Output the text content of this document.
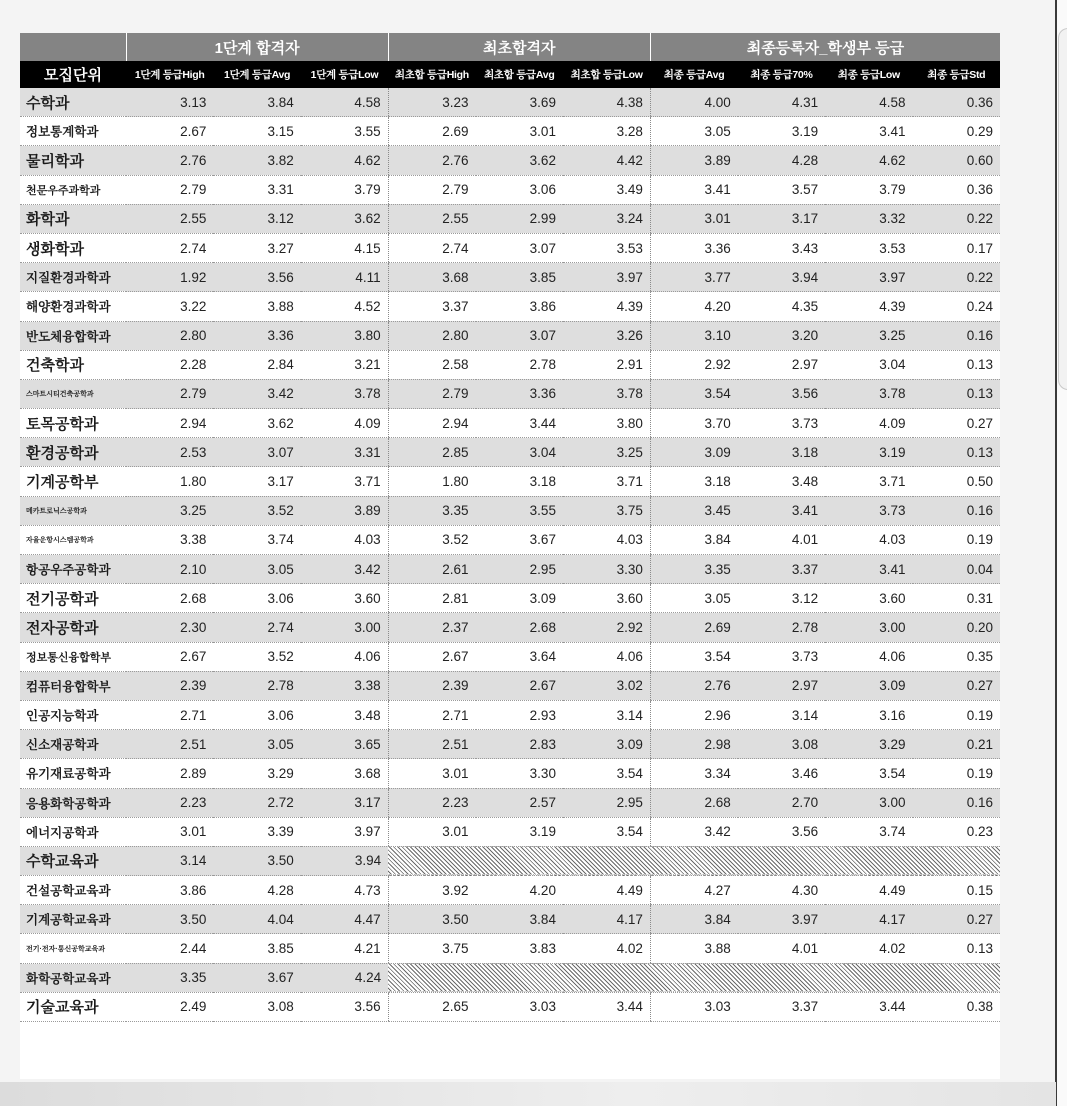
	1단계 합격자			최초합격자			최종등록자_학생부 등급			
모집단위	1단계 등급High	1단계 등급Avg	1단계 등급Low	최초합 등급High	최초합 등급Avg	최초합 등급Low	최종 등급Avg	최종 등급70%	최종 등급Low	최종 등급Std
수학과	3.13	3.84	4.58	3.23	3.69	4.38	4.00	4.31	4.58	0.36
정보통계학과	2.67	3.15	3.55	2.69	3.01	3.28	3.05	3.19	3.41	0.29
물리학과	2.76	3.82	4.62	2.76	3.62	4.42	3.89	4.28	4.62	0.60
천문우주과학과	2.79	3.31	3.79	2.79	3.06	3.49	3.41	3.57	3.79	0.36
화학과	2.55	3.12	3.62	2.55	2.99	3.24	3.01	3.17	3.32	0.22
생화학과	2.74	3.27	4.15	2.74	3.07	3.53	3.36	3.43	3.53	0.17
지질환경과학과	1.92	3.56	4.11	3.68	3.85	3.97	3.77	3.94	3.97	0.22
해양환경과학과	3.22	3.88	4.52	3.37	3.86	4.39	4.20	4.35	4.39	0.24
반도체융합학과	2.80	3.36	3.80	2.80	3.07	3.26	3.10	3.20	3.25	0.16
건축학과	2.28	2.84	3.21	2.58	2.78	2.91	2.92	2.97	3.04	0.13
스마트시티건축공학과	2.79	3.42	3.78	2.79	3.36	3.78	3.54	3.56	3.78	0.13
토목공학과	2.94	3.62	4.09	2.94	3.44	3.80	3.70	3.73	4.09	0.27
환경공학과	2.53	3.07	3.31	2.85	3.04	3.25	3.09	3.18	3.19	0.13
기계공학부	1.80	3.17	3.71	1.80	3.18	3.71	3.18	3.48	3.71	0.50
메카트로닉스공학과	3.25	3.52	3.89	3.35	3.55	3.75	3.45	3.41	3.73	0.16
자율운항시스템공학과	3.38	3.74	4.03	3.52	3.67	4.03	3.84	4.01	4.03	0.19
항공우주공학과	2.10	3.05	3.42	2.61	2.95	3.30	3.35	3.37	3.41	0.04
전기공학과	2.68	3.06	3.60	2.81	3.09	3.60	3.05	3.12	3.60	0.31
전자공학과	2.30	2.74	3.00	2.37	2.68	2.92	2.69	2.78	3.00	0.20
정보통신융합학부	2.67	3.52	4.06	2.67	3.64	4.06	3.54	3.73	4.06	0.35
컴퓨터융합학부	2.39	2.78	3.38	2.39	2.67	3.02	2.76	2.97	3.09	0.27
인공지능학과	2.71	3.06	3.48	2.71	2.93	3.14	2.96	3.14	3.16	0.19
신소재공학과	2.51	3.05	3.65	2.51	2.83	3.09	2.98	3.08	3.29	0.21
유기재료공학과	2.89	3.29	3.68	3.01	3.30	3.54	3.34	3.46	3.54	0.19
응용화학공학과	2.23	2.72	3.17	2.23	2.57	2.95	2.68	2.70	3.00	0.16
에너지공학과	3.01	3.39	3.97	3.01	3.19	3.54	3.42	3.56	3.74	0.23
수학교육과	3.14	3.50	3.94							
건설공학교육과	3.86	4.28	4.73	3.92	4.20	4.49	4.27	4.30	4.49	0.15
기계공학교육과	3.50	4.04	4.47	3.50	3.84	4.17	3.84	3.97	4.17	0.27
전기·전자·통신공학교육과	2.44	3.85	4.21	3.75	3.83	4.02	3.88	4.01	4.02	0.13
화학공학교육과	3.35	3.67	4.24							
기술교육과	2.49	3.08	3.56	2.65	3.03	3.44	3.03	3.37	3.44	0.38
